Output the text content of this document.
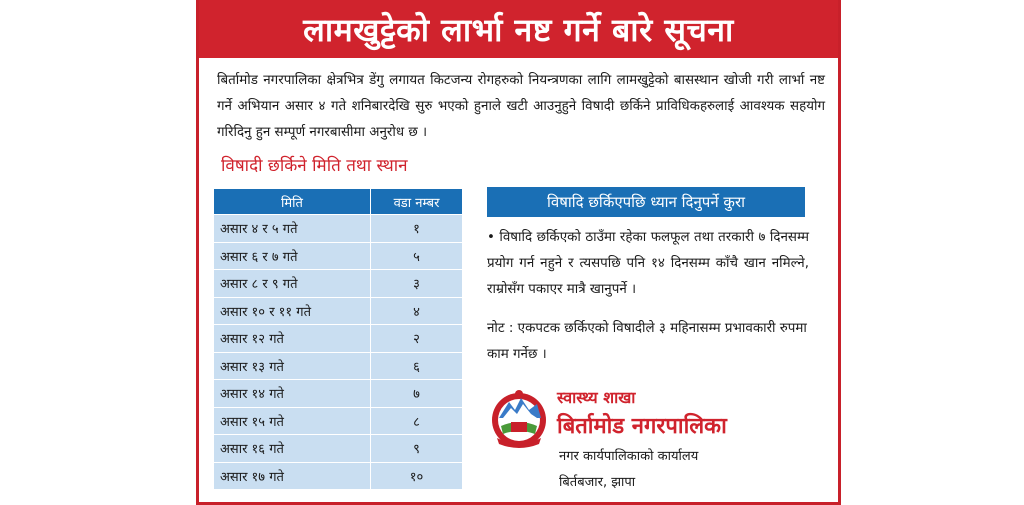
लामखुट्टेको लार्भा नष्ट गर्ने बारे सूचना

बिर्तामोड नगरपालिका क्षेत्रभित्र डेंगु लगायत किटजन्य रोगहरुको नियन्त्रणका लागि लामखुट्टेको बासस्थान खोजी गरी लार्भा नष्ट गर्ने अभियान असार ४ गते शनिबारदेखि सुरु भएको हुनाले खटी आउनुहुने विषादी छर्किने प्राविधिकहरुलाई आवश्यक सहयोग गरिदिनु हुन सम्पूर्ण नगरबासीमा अनुरोध छ ।

विषादी छर्किने मिति तथा स्थान
मिति	वडा नम्बर
असार ४ र ५ गते	१
असार ६ र ७ गते	५
असार ८ र ९ गते	३
असार १० र ११ गते	४
असार १२ गते	२
असार १३ गते	६
असार १४ गते	७
असार १५ गते	८
असार १६ गते	९
असार १७ गते	१०
विषादि छर्किएपछि ध्यान दिनुपर्ने कुरा

• विषादि छर्किएको ठाउँमा रहेका फलफूल तथा तरकारी ७ दिनसम्म प्रयोग गर्न नहुने र त्यसपछि पनि १४ दिनसम्म काँचै खान नमिल्ने, राम्रोसँग पकाएर मात्रै खानुपर्ने ।

नोट : एकपटक छर्किएको विषादीले ३ महिनासम्म प्रभावकारी रुपमा काम गर्नेछ ।

स्वास्थ्य शाखा
बिर्तामोड नगरपालिका
नगर कार्यपालिकाको कार्यालय
बिर्तबजार, झापा
